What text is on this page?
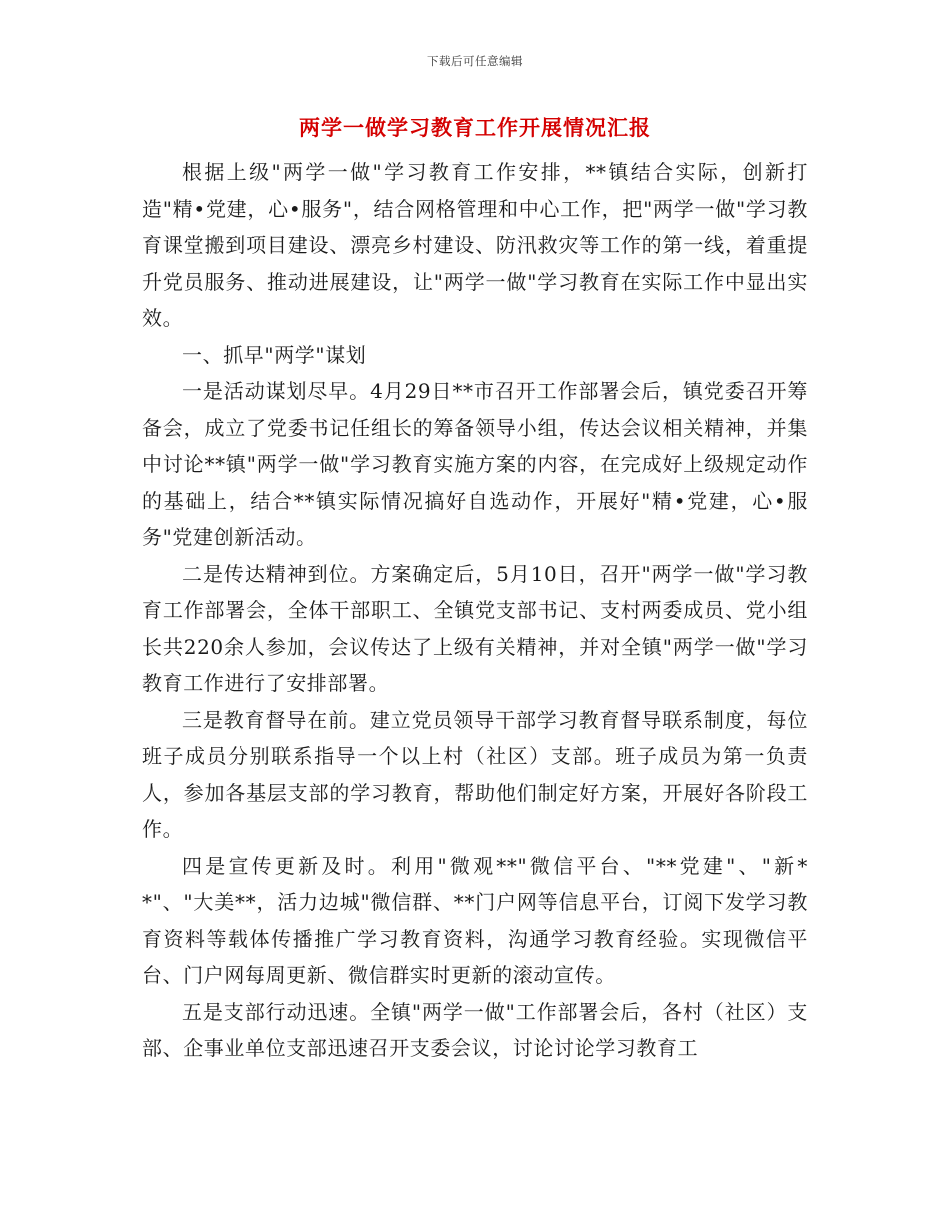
下载后可任意编辑
两学一做学习教育工作开展情况汇报

根据上级"两学一做"学习教育工作安排，**镇结合实际，创新打造"精•党建，心•服务"，结合网格管理和中心工作，把"两学一做"学习教育课堂搬到项目建设、漂亮乡村建设、防汛救灾等工作的第一线，着重提升党员服务、推动进展建设，让"两学一做"学习教育在实际工作中显出实效。

一、抓早"两学"谋划

一是活动谋划尽早。4月29日**市召开工作部署会后，镇党委召开筹备会，成立了党委书记任组长的筹备领导小组，传达会议相关精神，并集中讨论**镇"两学一做"学习教育实施方案的内容，在完成好上级规定动作的基础上，结合**镇实际情况搞好自选动作，开展好"精•党建，心•服务"党建创新活动。

二是传达精神到位。方案确定后，5月10日，召开"两学一做"学习教育工作部署会，全体干部职工、全镇党支部书记、支村两委成员、党小组长共220余人参加，会议传达了上级有关精神，并对全镇"两学一做"学习教育工作进行了安排部署。

三是教育督导在前。建立党员领导干部学习教育督导联系制度，每位班子成员分别联系指导一个以上村（社区）支部。班子成员为第一负责人，参加各基层支部的学习教育，帮助他们制定好方案，开展好各阶段工作。

四是宣传更新及时。利用"微观**"微信平台、"**党建"、"新**"、"大美**，活力边城"微信群、**门户网等信息平台，订阅下发学习教育资料等载体传播推广学习教育资料，沟通学习教育经验。实现微信平台、门户网每周更新、微信群实时更新的滚动宣传。

五是支部行动迅速。全镇"两学一做"工作部署会后，各村（社区）支部、企事业单位支部迅速召开支委会议，讨论讨论学习教育工
